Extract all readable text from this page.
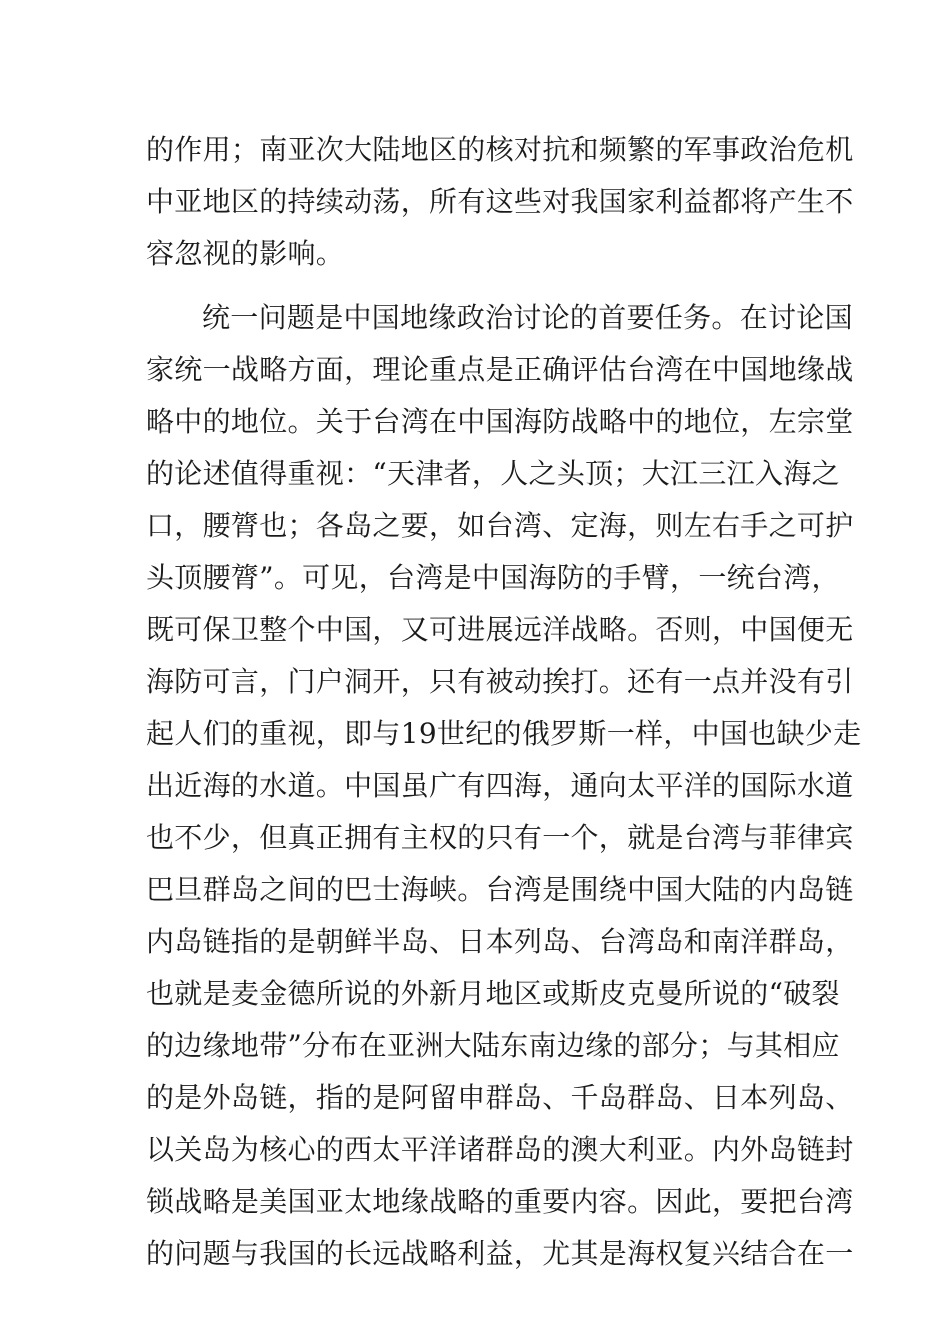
的作用；南亚次大陆地区的核对抗和频繁的军事政治危机
中亚地区的持续动荡，所有这些对我国家利益都将产生不
容忽视的影响。
统一问题是中国地缘政治讨论的首要任务。在讨论国
家统一战略方面，理论重点是正确评估台湾在中国地缘战
略中的地位。关于台湾在中国海防战略中的地位，左宗堂
的论述值得重视：“天津者，人之头顶；大江三江入海之
口，腰膂也；各岛之要，如台湾、定海，则左右手之可护
头顶腰膂”。可见，台湾是中国海防的手臂，一统台湾，
既可保卫整个中国，又可进展远洋战略。否则，中国便无
海防可言，门户洞开，只有被动挨打。还有一点并没有引
起人们的重视，即与19世纪的俄罗斯一样，中国也缺少走
出近海的水道。中国虽广有四海，通向太平洋的国际水道
也不少，但真正拥有主权的只有一个，就是台湾与菲律宾
巴旦群岛之间的巴士海峡。台湾是围绕中国大陆的内岛链
内岛链指的是朝鲜半岛、日本列岛、台湾岛和南洋群岛，
也就是麦金德所说的外新月地区或斯皮克曼所说的“破裂
的边缘地带”分布在亚洲大陆东南边缘的部分；与其相应
的是外岛链，指的是阿留申群岛、千岛群岛、日本列岛、
以关岛为核心的西太平洋诸群岛的澳大利亚。内外岛链封
锁战略是美国亚太地缘战略的重要内容。因此，要把台湾
的问题与我国的长远战略利益，尤其是海权复兴结合在一
